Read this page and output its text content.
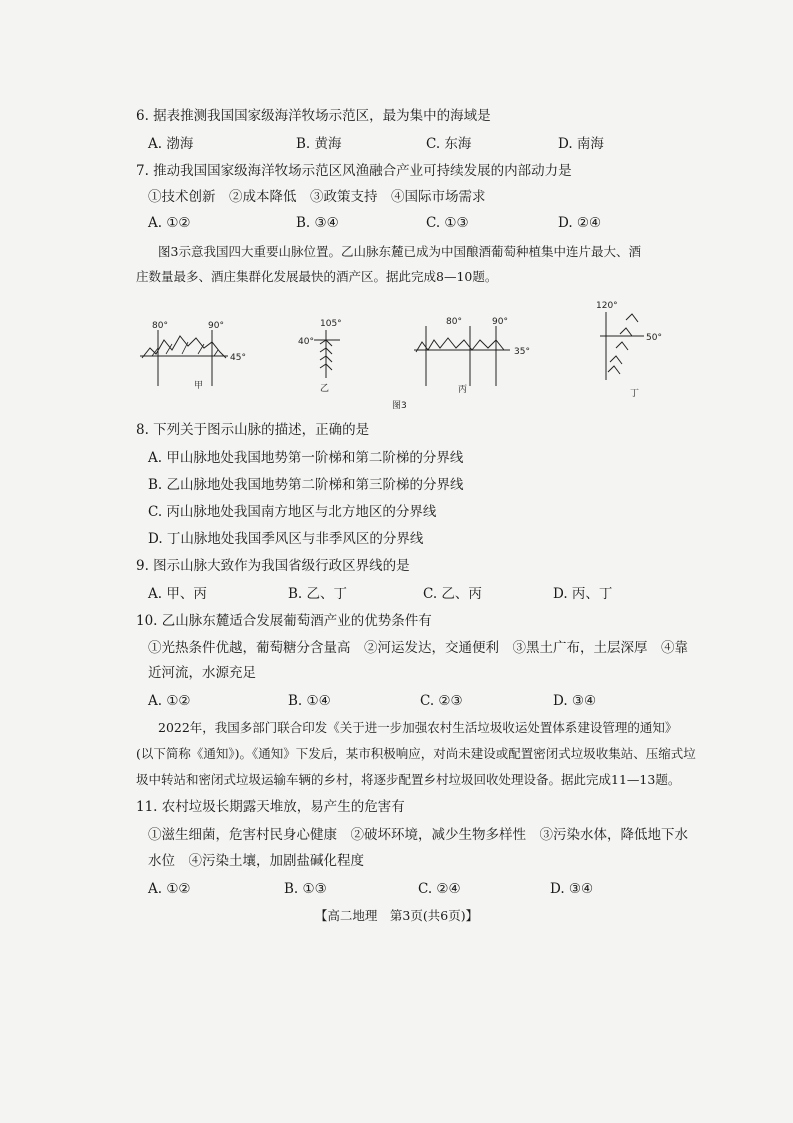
6. 据表推测我国国家级海洋牧场示范区，最为集中的海域是
A. 渤海	B. 黄海	C. 东海	D. 南海
7. 推动我国国家级海洋牧场示范区风渔融合产业可持续发展的内部动力是
①技术创新　②成本降低　③政策支持　④国际市场需求
A. ①②	B. ③④	C. ①③	D. ②④
图3示意我国四大重要山脉位置。乙山脉东麓已成为中国酿酒葡萄种植集中连片最大、酒
庄数量最多、酒庄集群化发展最快的酒产区。据此完成8—10题。
80°	90°
45°
甲
105°
40°
乙
80°	90°
35°
丙
120°
50°
丁
图3
8. 下列关于图示山脉的描述，正确的是
A. 甲山脉地处我国地势第一阶梯和第二阶梯的分界线
B. 乙山脉地处我国地势第二阶梯和第三阶梯的分界线
C. 丙山脉地处我国南方地区与北方地区的分界线
D. 丁山脉地处我国季风区与非季风区的分界线
9. 图示山脉大致作为我国省级行政区界线的是
A. 甲、丙	B. 乙、丁	C. 乙、丙	D. 丙、丁
10. 乙山脉东麓适合发展葡萄酒产业的优势条件有
①光热条件优越，葡萄糖分含量高　②河运发达，交通便利　③黑土广布，土层深厚　④靠
近河流，水源充足
A. ①②	B. ①④	C. ②③	D. ③④
2022年，我国多部门联合印发《关于进一步加强农村生活垃圾收运处置体系建设管理的通知》
(以下简称《通知》)。《通知》下发后，某市积极响应，对尚未建设或配置密闭式垃圾收集站、压缩式垃
圾中转站和密闭式垃圾运输车辆的乡村，将逐步配置乡村垃圾回收处理设备。据此完成11—13题。
11. 农村垃圾长期露天堆放，易产生的危害有
①滋生细菌，危害村民身心健康　②破坏环境，减少生物多样性　③污染水体，降低地下水
水位　④污染土壤，加剧盐碱化程度
A. ①②	B. ①③	C. ②④	D. ③④
【高二地理　第3页(共6页)】
